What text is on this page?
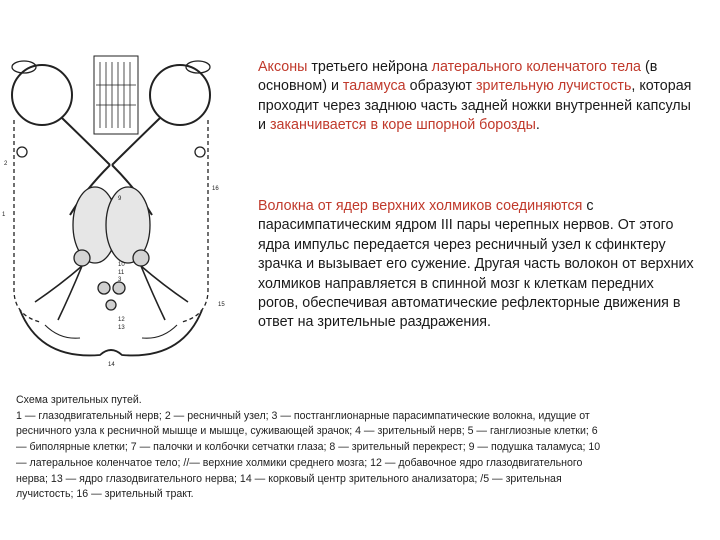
2
1
16
9
10
11
3
12
13
14
15
Аксоны третьего нейрона латерального коленчатого тела (в основном) и таламуса образуют зрительную лучистость, которая проходит через заднюю часть задней ножки внутренней капсулы и заканчивается в коре шпорной борозды.
Волокна от ядер верхних холмиков соединяются с парасимпатическим ядром III пары черепных нервов. От этого ядра импульс передается через ресничный узел к сфинктеру зрачка и вызывает его сужение. Другая часть волокон от верхних холмиков направляется в спинной мозг к клеткам передних рогов, обеспечивая автоматические рефлекторные движения в ответ на зрительные раздражения.
Схема зрительных путей.
1 — глазодвигательный нерв; 2 — ресничный узел; 3 — постганглионарные парасимпатические волокна, идущие от
ресничного узла к ресничной мышце и мышце, суживающей зрачок; 4 — зрительный нерв; 5 — ганглиозные клетки; 6
— биполярные клетки; 7 — палочки и колбочки сетчатки глаза; 8 — зрительный перекрест; 9 — подушка таламуса; 10
— латеральное коленчатое тело; //— верхние холмики среднего мозга; 12 — добавочное ядро глазодвигательного
нерва; 13 — ядро глазодвигательного нерва; 14 — корковый центр зрительного анализатора; /5 — зрительная
лучистость; 16 — зрительный тракт.
